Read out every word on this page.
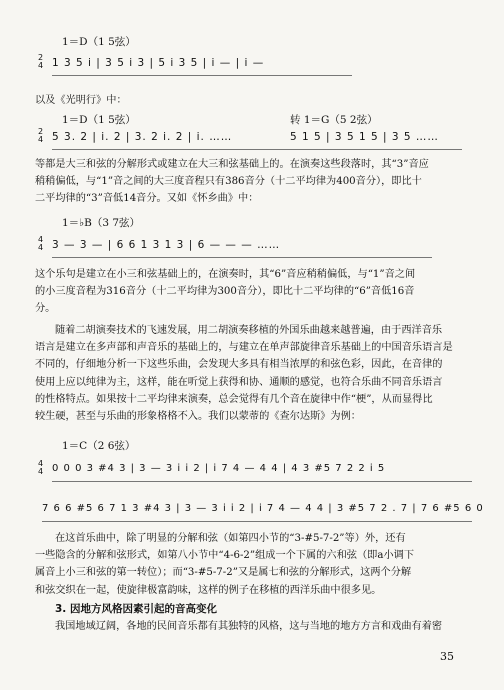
1＝D（1 5弦）
2
4 1 3 5 i | 3 5 i 3 | 5 i 3 5 | i — | i —
以及《光明行》中：
1＝D（1 5弦）	转 1＝G（5 2弦）
2
4 5 3. 2 | i. 2 | 3. 2 i. 2 | i. ……	5 1 5 | 3 5 1 5 | 3 5 ……
等都是大三和弦的分解形式或建立在大三和弦基础上的。在演奏这些段落时，其“3”音应
稍稍偏低，与“1”音之间的大三度音程只有386音分（十二平均律为400音分），即比十
二平均律的“3”音低14音分。又如《怀乡曲》中：
1＝♭B（3 7弦）
4
4 3 — 3 — | 6 6 1 3 1 3 | 6 — — — ……
这个乐句是建立在小三和弦基础上的，在演奏时，其“6”音应稍稍偏低，与“1”音之间
的小三度音程为316音分（十二平均律为300音分），即比十二平均律的“6”音低16音
分。
随着二胡演奏技术的飞速发展，用二胡演奏移植的外国乐曲越来越普遍，由于西洋音乐
语言是建立在多声部和声音乐的基础上的，与建立在单声部旋律音乐基础上的中国音乐语言是
不同的，仔细地分析一下这些乐曲，会发现大多具有相当浓厚的和弦色彩，因此，在音律的
使用上应以纯律为主，这样，能在听觉上获得和协、通顺的感觉，也符合乐曲不同音乐语言
的性格特点。如果按十二平均律来演奏，总会觉得有几个音在旋律中作“梗”，从而显得比
较生硬，甚至与乐曲的形象格格不入。我们以蒙蒂的《查尔达斯》为例：
1＝C（2 6弦）
4
4 0 0 0 3 #4 3 | 3 — 3 i i 2 | i 7 4 — 4 4 | 4 3 #5 7 2 2 i 5
7 6 6 #5 6 7 1 3 #4 3 | 3 — 3 i i 2 | i 7 4 — 4 4 | 3 #5 7 2 . 7 | 7 6 #5 6 0
在这首乐曲中，除了明显的分解和弦（如第四小节的“3-#5-7-2”等）外，还有
一些隐含的分解和弦形式，如第八小节中“4-6-2”组成一个下属的六和弦（即a小调下
属音上小三和弦的第一转位）；而“3-#5-7-2”又是属七和弦的分解形式，这两个分解
和弦交织在一起，使旋律极富韵味，这样的例子在移植的西洋乐曲中很多见。
3. 因地方风格因素引起的音高变化
我国地域辽阔，各地的民间音乐都有其独特的风格，这与当地的地方方言和戏曲有着密
35
